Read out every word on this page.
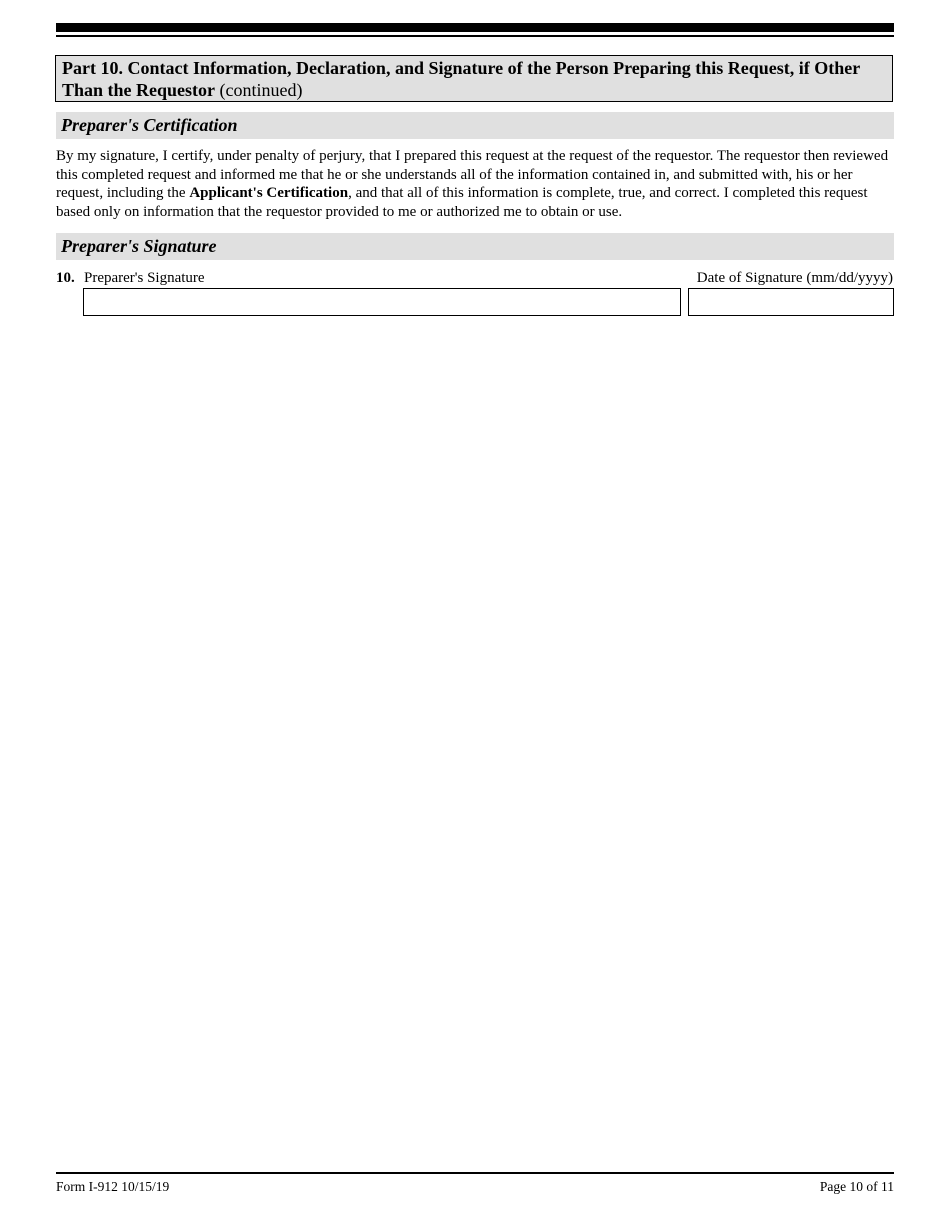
Part 10. Contact Information, Declaration, and Signature of the Person Preparing this Request, if Other
Than the Requestor (continued)
Preparer's Certification
By my signature, I certify, under penalty of perjury, that I prepared this request at the request of the requestor. The requestor then reviewed this completed request and informed me that he or she understands all of the information contained in, and submitted with, his or her request, including the Applicant's Certification, and that all of this information is complete, true, and correct. I completed this request based only on information that the requestor provided to me or authorized me to obtain or use.
Preparer's Signature
10. Preparer's Signature	Date of Signature (mm/dd/yyyy)
Form I-912 10/15/19	Page 10 of 11
